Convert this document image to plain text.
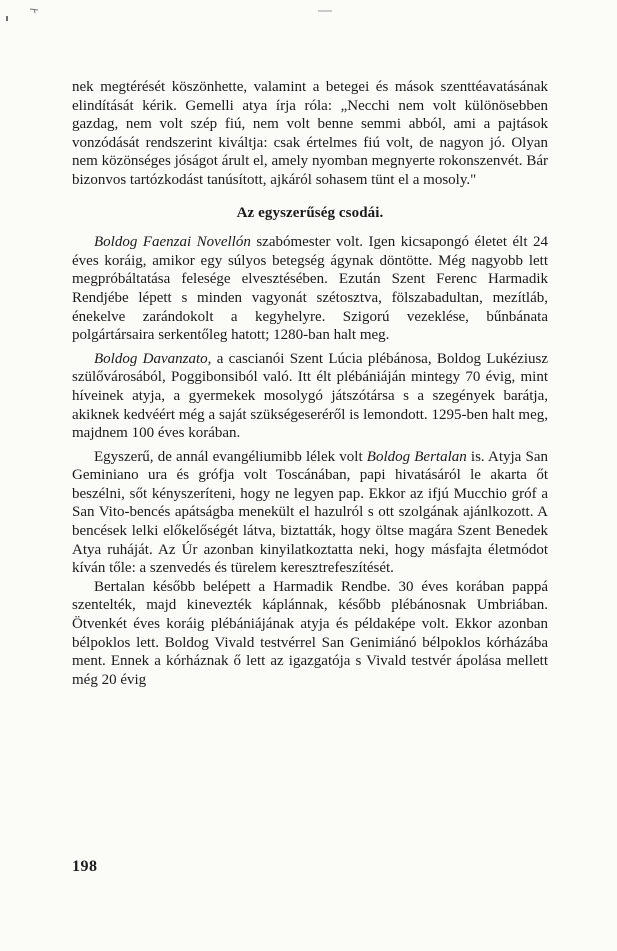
nek megtérését köszönhette, valamint a betegei és mások szenttéavatásának elindítását kérik. Gemelli atya írja róla: „Necchi nem volt különösebben gazdag, nem volt szép fiú, nem volt benne semmi abból, ami a pajtások vonzódását rendszerint kiváltja: csak értelmes fiú volt, de nagyon jó. Olyan nem közönséges jóságot árult el, amely nyomban megnyerte rokonszenvét. Bár bizonvos tartózkodást tanúsított, ajkáról sohasem tünt el a mosoly."

Az egyszerűség csodái.

Boldog Faenzai Novellón szabómester volt. Igen kicsapongó életet élt 24 éves koráig, amikor egy súlyos betegség ágynak döntötte. Még nagyobb lett megpróbáltatása felesége elvesztésében. Ezután Szent Ferenc Harmadik Rendjébe lépett s minden vagyonát szétosztva, fölszabadultan, mezítláb, énekelve zarándokolt a kegyhelyre. Szigorú vezeklése, bűnbánata polgártársaira serkentőleg hatott; 1280-ban halt meg.

Boldog Davanzato, a cascianói Szent Lúcia plébánosa, Boldog Lukéziusz szülővárosából, Poggibonsiból való. Itt élt plébániáján mintegy 70 évig, mint híveinek atyja, a gyermekek mosolygó játszótársa s a szegények barátja, akiknek kedvéért még a saját szükségeseréről is lemondott. 1295-ben halt meg, majdnem 100 éves korában.

Egyszerű, de annál evangéliumibb lélek volt Boldog Bertalan is. Atyja San Geminiano ura és grófja volt Toscánában, papi hivatásáról le akarta őt beszélni, sőt kényszeríteni, hogy ne legyen pap. Ekkor az ifjú Mucchio gróf a San Vito-bencés apátságba menekült el hazulról s ott szolgának ajánlkozott. A bencések lelki előkelőségét látva, biztatták, hogy öltse magára Szent Benedek Atya ruháját. Az Úr azonban kinyilatkoztatta neki, hogy másfajta életmódot kíván tőle: a szenvedés és türelem keresztrefeszítését.

Bertalan később belépett a Harmadik Rendbe. 30 éves korában pappá szentelték, majd kinevezték káplánnak, később plébánosnak Umbriában. Ötvenkét éves koráig plébániájának atyja és példaképe volt. Ekkor azonban bélpoklos lett. Boldog Vivald testvérrel San Genimiánó bélpoklos kórházába ment. Ennek a kórháznak ő lett az igazgatója s Vivald testvér ápolása mellett még 20 évig

198
